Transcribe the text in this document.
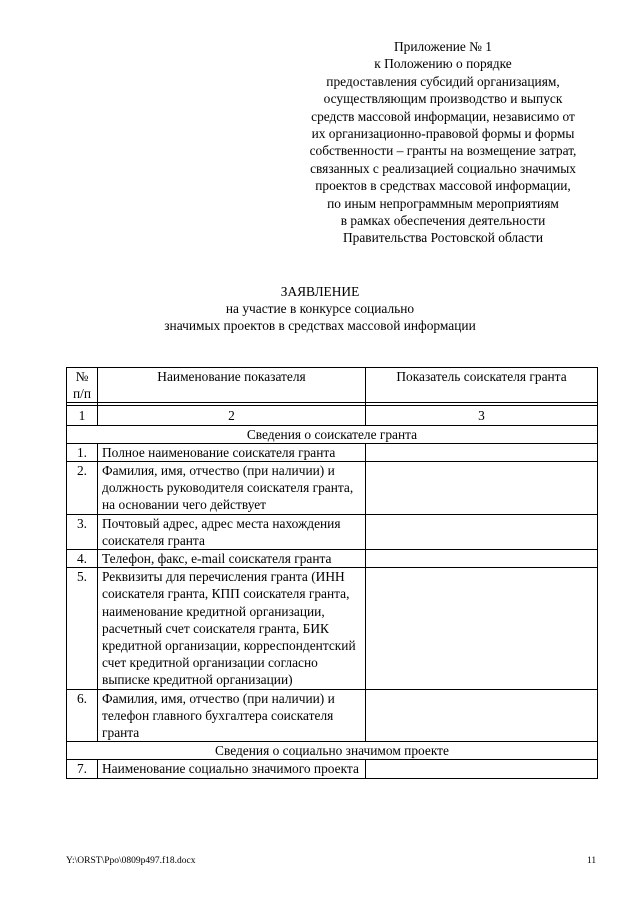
Приложение № 1
к Положению о порядке
предоставления субсидий организациям,
осуществляющим производство и выпуск
средств массовой информации, независимо от
их организационно-правовой формы и формы
собственности – гранты на возмещение затрат,
связанных с реализацией социально значимых
проектов в средствах массовой информации,
по иным непрограммным мероприятиям
в рамках обеспечения деятельности
Правительства Ростовской области
ЗАЯВЛЕНИЕ
на участие в конкурсе социально
значимых проектов в средствах массовой информации
№ п/п	Наименование показателя	Показатель соискателя гранта

1	2	3
Сведения о соискателе гранта		
1.	Полное наименование соискателя гранта	
2.	Фамилия, имя, отчество (при наличии) и должность руководителя соискателя гранта, на основании чего действует	
3.	Почтовый адрес, адрес места нахождения соискателя гранта	
4.	Телефон, факс, e-mail соискателя гранта	
5.	Реквизиты для перечисления гранта (ИНН соискателя гранта, КПП соискателя гранта, наименование кредитной организации, расчетный счет соискателя гранта, БИК кредитной организации, корреспондентский счет кредитной организации согласно выписке кредитной организации)	
6.	Фамилия, имя, отчество (при наличии) и телефон главного бухгалтера соискателя гранта	
Сведения о социально значимом проекте		
7.	Наименование социально значимого проекта	
Y:\ORST\Ppo\0809p497.f18.docx	11
